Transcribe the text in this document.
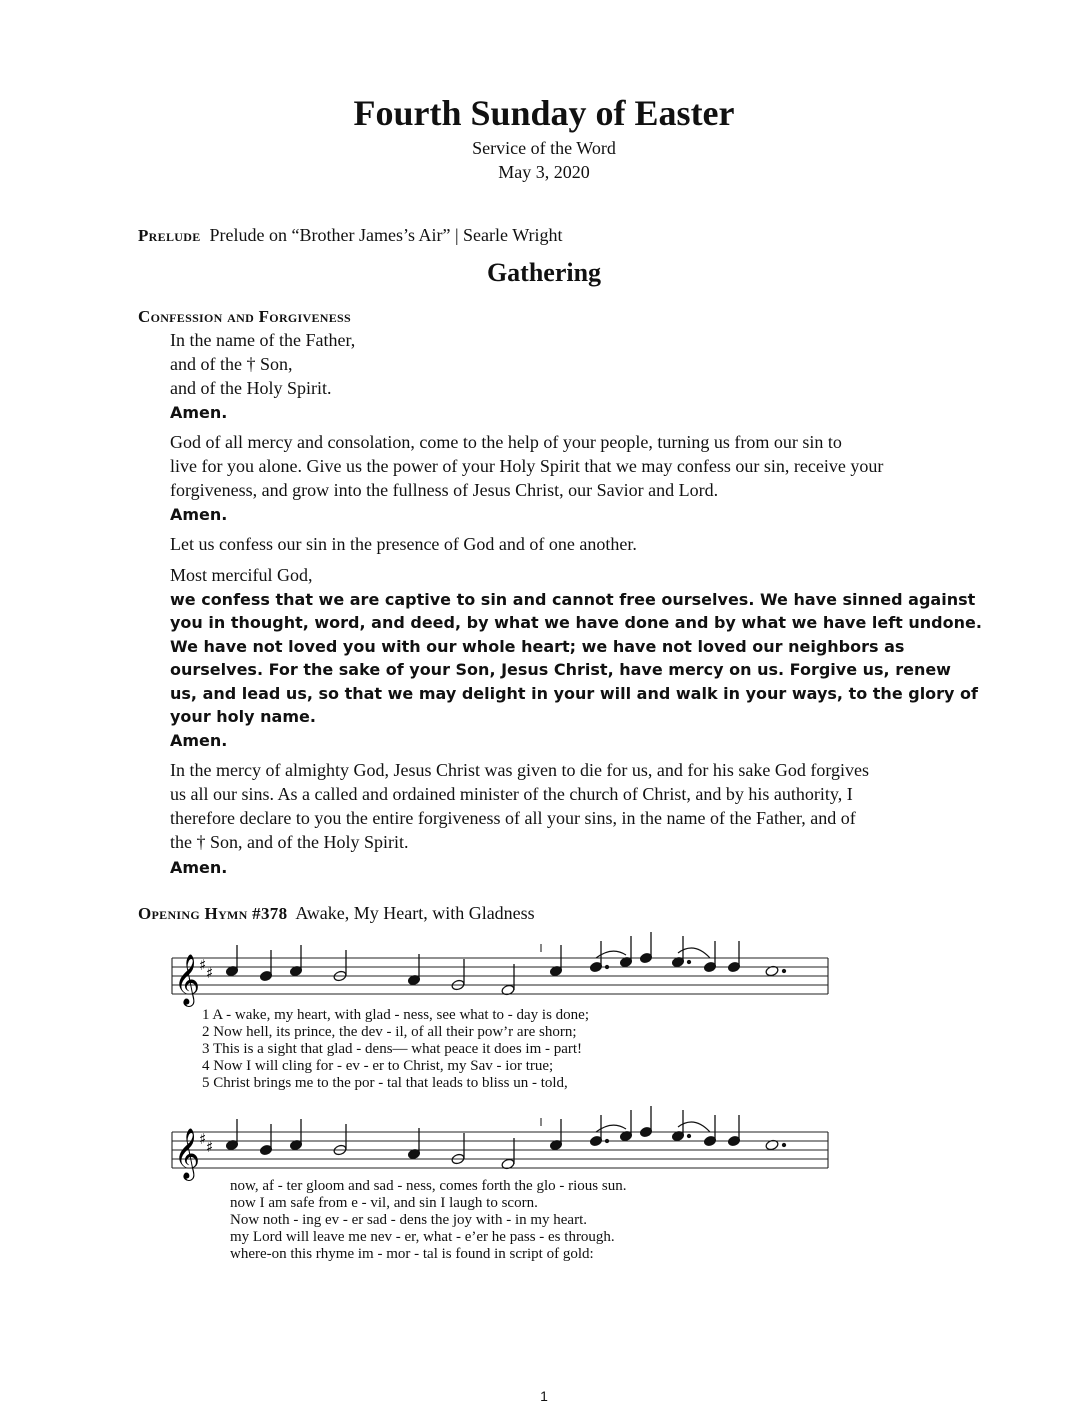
Fourth Sunday of Easter
Service of the Word
May 3, 2020
Prelude Prelude on “Brother James’s Air” | Searle Wright
Gathering
Confession and Forgiveness
In the name of the Father,
and of the † Son,
and of the Holy Spirit.
Amen.
God of all mercy and consolation, come to the help of your people, turning us from our sin to
live for you alone. Give us the power of your Holy Spirit that we may confess our sin, receive your
forgiveness, and grow into the fullness of Jesus Christ, our Savior and Lord.
Amen.
Let us confess our sin in the presence of God and of one another.
Most merciful God,
we confess that we are captive to sin and cannot free ourselves. We have sinned against
you in thought, word, and deed, by what we have done and by what we have left undone.
We have not loved you with our whole heart; we have not loved our neighbors as
ourselves. For the sake of your Son, Jesus Christ, have mercy on us. Forgive us, renew
us, and lead us, so that we may delight in your will and walk in your ways, to the glory of
your holy name.
Amen.
In the mercy of almighty God, Jesus Christ was given to die for us, and for his sake God forgives
us all our sins. As a called and ordained minister of the church of Christ, and by his authority, I
therefore declare to you the entire forgiveness of all your sins, in the name of the Father, and of
the † Son, and of the Holy Spirit.
Amen.
Opening Hymn #378 Awake, My Heart, with Gladness
𝄞
♯ ♯
𝄞
♯ ♯
1 A - wake, my heart, with glad - ness, see what to - day is done;
2 Now hell, its prince, the dev - il, of all their pow’r are shorn;
3 This is a sight that glad - dens— what peace it does im - part!
4 Now I will cling for - ev - er to Christ, my Sav - ior true;
5 Christ brings me to the por - tal that leads to bliss un - told,
now, af - ter gloom and sad - ness, comes forth the glo - rious sun.
now I am safe from e - vil, and sin I laugh to scorn.
Now noth - ing ev - er sad - dens the joy with - in my heart.
my Lord will leave me nev - er, what - e’er he pass - es through.
where-on this rhyme im - mor - tal is found in script of gold:
1
